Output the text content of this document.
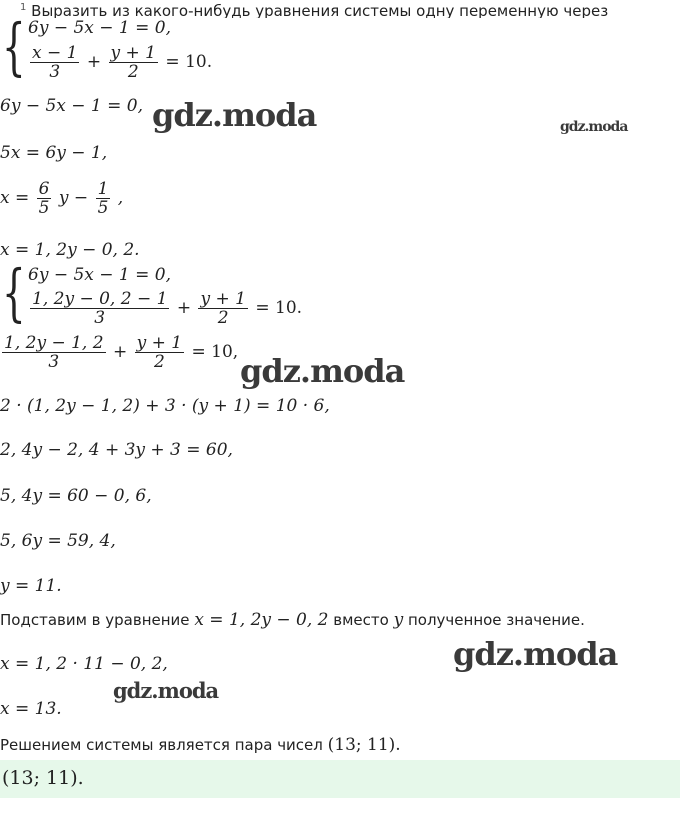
$^1$ Выразить из какого-нибудь уравнения системы одну переменную через
{ 6y − 5x − 1 = 0,
$\frac{x - 1}{3} + \frac{y + 1}{2} = 10$.
6y − 5x − 1 = 0,
5x = 6y − 1,
$x = \frac{6}{5}$ $y - \frac{1}{5}$ ,
x = 1, 2y − 0, 2.
{ 6y − 5x − 1 = 0,
$\frac{1, 2y - 0, 2 - 1}{3} + \frac{y + 1}{2} = 10$.
$\frac{1, 2y - 1, 2}{3} + \frac{y + 1}{2} = 10$,
2 · (1, 2y − 1, 2) + 3 · (y + 1) = 10 · 6,
2, 4y − 2, 4 + 3y + 3 = 60,
5, 4y = 60 − 0, 6,
5, 6y = 59, 4,
y = 11.
Подставим в уравнение x = 1, 2y − 0, 2 вместо y полученное значение.
x = 1, 2 · 11 − 0, 2,
x = 13.
Решением системы является пара чисел (13; 11).
(13; 11).
gdz.moda	gdz.moda
gdz.moda
gdz.moda
gdz.moda
